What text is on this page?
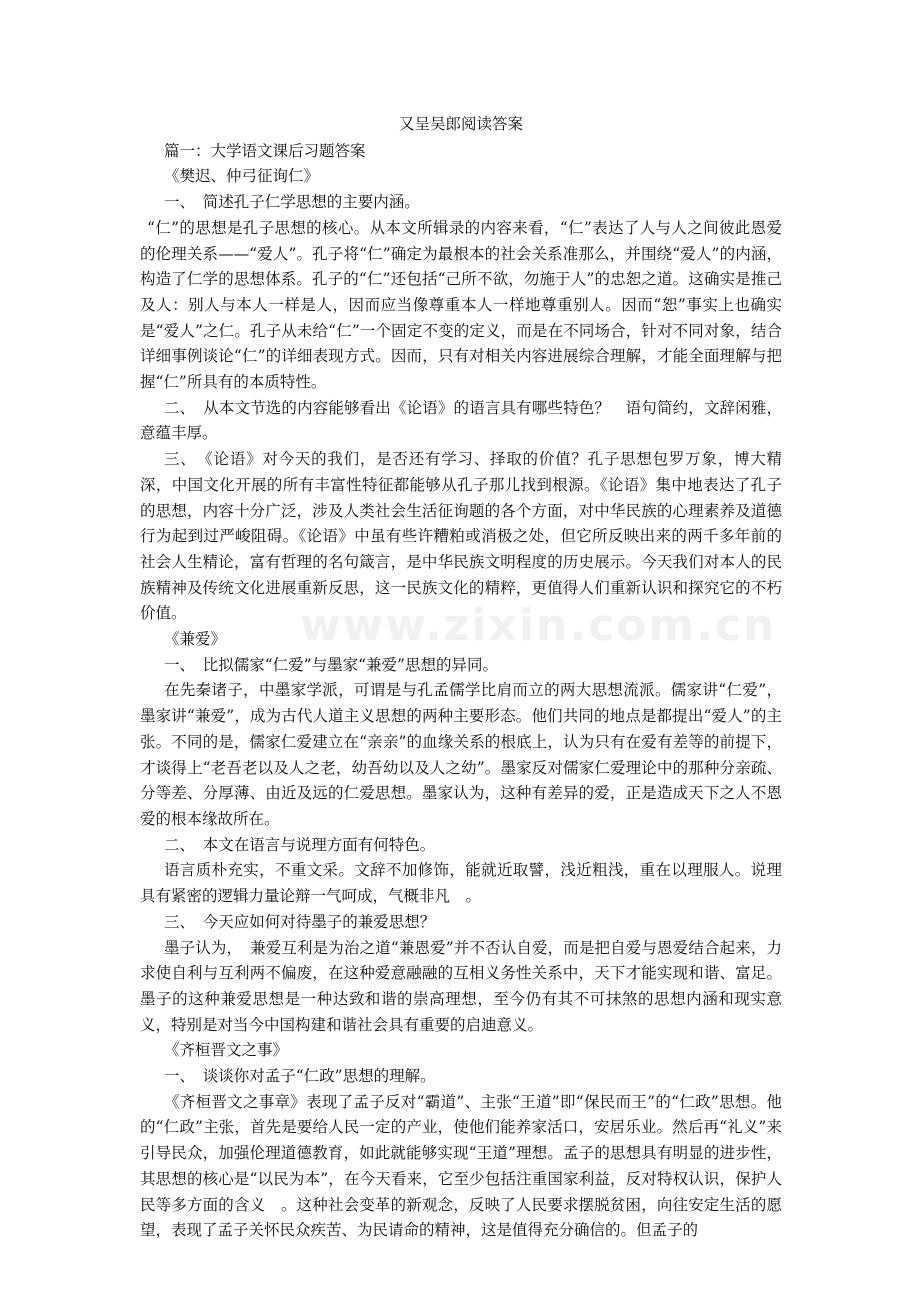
www.zixin.com.cn
又呈吴郎阅读答案

篇一：大学语文课后习题答案

《樊迟、仲弓征询仁》

一、　简述孔子仁学思想的主要内涵。

“仁”的思想是孔子思想的核心。从本文所辑录的内容来看，“仁”表达了人与人之间彼此恩爱的伦理关系——“爱人”。孔子将“仁”确定为最根本的社会关系准那么，并围绕“爱人”的内涵，构造了仁学的思想体系。孔子的“仁”还包括“己所不欲，勿施于人”的忠恕之道。这确实是推己及人：别人与本人一样是人，因而应当像尊重本人一样地尊重别人。因而“恕”事实上也确实是“爱人”之仁。孔子从未给“仁”一个固定不变的定义，而是在不同场合，针对不同对象，结合详细事例谈论“仁”的详细表现方式。因而，只有对相关内容进展综合理解，才能全面理解与把握“仁”所具有的本质特性。

二、　从本文节选的内容能够看出《论语》的语言具有哪些特色？　语句简约，文辞闲雅，意蕴丰厚。

三、　《论语》对今天的我们，是否还有学习、择取的价值？孔子思想包罗万象，博大精深，中国文化开展的所有丰富性特征都能够从孔子那儿找到根源。《论语》集中地表达了孔子的思想，内容十分广泛，涉及人类社会生活征询题的各个方面，对中华民族的心理素养及道德行为起到过严峻阻碍。《论语》中虽有些许糟粕或消极之处，但它所反映出来的两千多年前的社会人生精论，富有哲理的名句箴言，是中华民族文明程度的历史展示。今天我们对本人的民族精神及传统文化进展重新反思，这一民族文化的精粹，更值得人们重新认识和探究它的不朽价值。

《兼爱》

一、　比拟儒家“仁爱”与墨家“兼爱”思想的异同。

在先秦诸子，中墨家学派，可谓是与孔孟儒学比肩而立的两大思想流派。儒家讲“仁爱”，墨家讲“兼爱”，成为古代人道主义思想的两种主要形态。他们共同的地点是都提出“爱人”的主张。不同的是，儒家仁爱建立在“亲亲”的血缘关系的根底上，认为只有在爱有差等的前提下，才谈得上“老吾老以及人之老，幼吾幼以及人之幼”。墨家反对儒家仁爱理论中的那种分亲疏、分等差、分厚薄、由近及远的仁爱思想。墨家认为，这种有差异的爱，正是造成天下之人不恩爱的根本缘故所在。

二、　本文在语言与说理方面有何特色。

语言质朴充实，不重文采。文辞不加修饰，能就近取譬，浅近粗浅，重在以理服人。说理具有紧密的逻辑力量论辩一气呵成，气概非凡　。

三、　今天应如何对待墨子的兼爱思想？

墨子认为，　兼爱互利是为治之道“兼恩爱”并不否认自爱，而是把自爱与恩爱结合起来，力求使自利与互利两不偏废，在这种爱意融融的互相义务性关系中，天下才能实现和谐、富足。墨子的这种兼爱思想是一种达致和谐的崇高理想，至今仍有其不可抹煞的思想内涵和现实意义，特别是对当今中国构建和谐社会具有重要的启迪意义。

《齐桓晋文之事》

一、　谈谈你对孟子“仁政”思想的理解。

《齐桓晋文之事章》表现了孟子反对“霸道”、主张“王道”即“保民而王”的“仁政”思想。他的“仁政”主张，首先是要给人民一定的产业，使他们能养家活口，安居乐业。然后再“礼义”来引导民众，加强伦理道德教育，如此就能够实现“王道”理想。孟子的思想具有明显的进步性，其思想的核心是“以民为本”，在今天看来，它至少包括注重国家利益，反对特权认识，保护人民等多方面的含义　。这种社会变革的新观念，反映了人民要求摆脱贫困，向往安定生活的愿望，表现了孟子关怀民众疾苦、为民请命的精神，这是值得充分确信的。但孟子的
